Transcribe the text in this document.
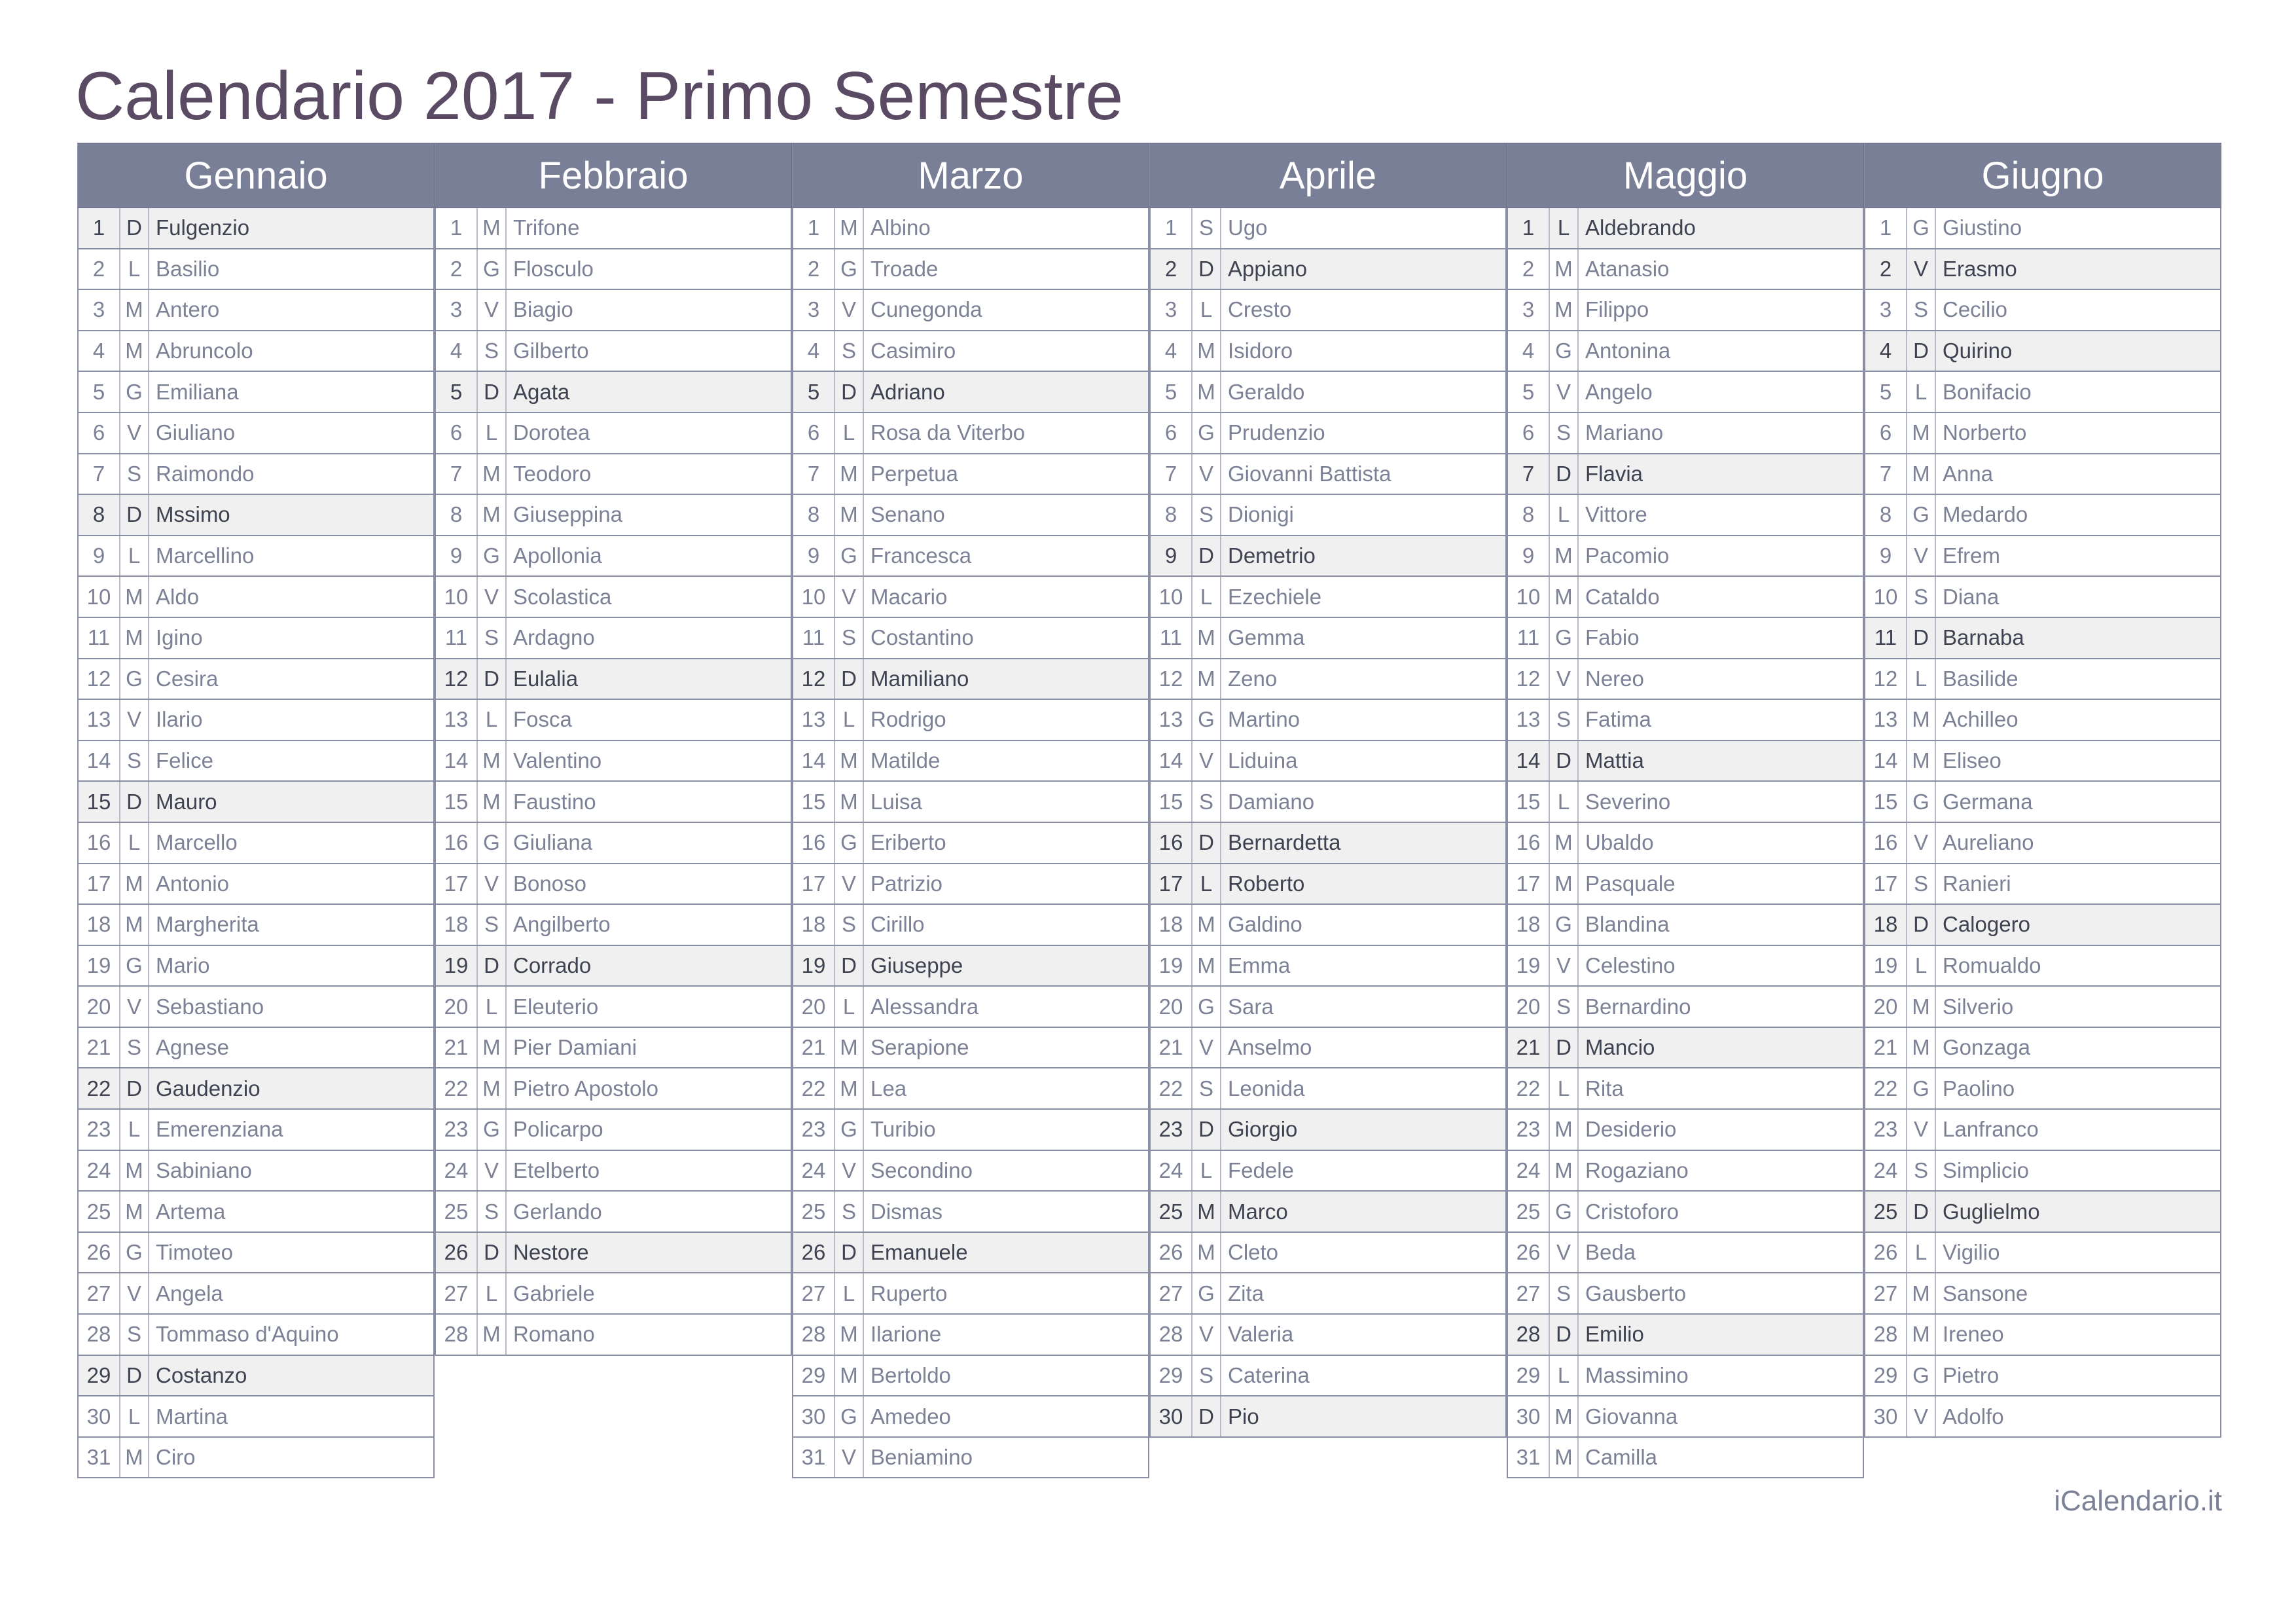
Calendario 2017 - Primo Semestre
Gennaio
1 D Fulgenzio
2	L Basilio
3 M Antero
4 M Abruncolo
5 G Emiliana
6	V Giuliano
7	S Raimondo
8 D Mssimo
9	L Marcellino
10 M Aldo
11 M Igino
12 G Cesira
13 V Ilario
14 S Felice
15 D Mauro
16 L Marcello
17 M Antonio
18 M Margherita
19 G Mario
20 V Sebastiano
21 S Agnese
22 D Gaudenzio
23 L Emerenziana
24 M Sabiniano
25 M Artema
26 G Timoteo
27 V Angela
28 S Tommaso d'Aquino
29 D Costanzo
30 L Martina
31 M Ciro
Febbraio
1 M Trifone
2 G Flosculo
3	V Biagio
4	S Gilberto
5 D Agata
6	L Dorotea
7 M Teodoro
8 M Giuseppina
9 G Apollonia
10 V Scolastica
11 S Ardagno
12 D Eulalia
13 L Fosca
14 M Valentino
15 M Faustino
16 G Giuliana
17 V Bonoso
18 S Angilberto
19 D Corrado
20 L Eleuterio
21 M Pier Damiani
22 M Pietro Apostolo
23 G Policarpo
24 V Etelberto
25 S Gerlando
26 D Nestore
27 L Gabriele
28 M Romano
Marzo
1 M Albino
2 G Troade
3	V Cunegonda
4	S Casimiro
5 D Adriano
6	L Rosa da Viterbo
7 M Perpetua
8 M Senano
9 G Francesca
10 V Macario
11 S Costantino
12 D Mamiliano
13 L Rodrigo
14 M Matilde
15 M Luisa
16 G Eriberto
17 V Patrizio
18 S Cirillo
19 D Giuseppe
20 L Alessandra
21 M Serapione
22 M Lea
23 G Turibio
24 V Secondino
25 S Dismas
26 D Emanuele
27 L Ruperto
28 M Ilarione
29 M Bertoldo
30 G Amedeo
31 V Beniamino
Aprile
1	S Ugo
2 D Appiano
3	L Cresto
4 M Isidoro
5 M Geraldo
6 G Prudenzio
7	V Giovanni Battista
8	S Dionigi
9 D Demetrio
10 L Ezechiele
11 M Gemma
12 M Zeno
13 G Martino
14 V Liduina
15 S Damiano
16 D Bernardetta
17 L Roberto
18 M Galdino
19 M Emma
20 G Sara
21 V Anselmo
22 S Leonida
23 D Giorgio
24 L Fedele
25 M Marco
26 M Cleto
27 G Zita
28 V Valeria
29 S Caterina
30 D Pio
Maggio
1	L Aldebrando
2 M Atanasio
3 M Filippo
4 G Antonina
5	V Angelo
6	S Mariano
7 D Flavia
8	L Vittore
9 M Pacomio
10 M Cataldo
11 G Fabio
12 V Nereo
13 S Fatima
14 D Mattia
15 L Severino
16 M Ubaldo
17 M Pasquale
18 G Blandina
19 V Celestino
20 S Bernardino
21 D Mancio
22 L Rita
23 M Desiderio
24 M Rogaziano
25 G Cristoforo
26 V Beda
27 S Gausberto
28 D Emilio
29 L Massimino
30 M Giovanna
31 M Camilla
Giugno
1 G Giustino
2	V Erasmo
3	S Cecilio
4 D Quirino
5	L Bonifacio
6 M Norberto
7 M Anna
8 G Medardo
9	V Efrem
10 S Diana
11 D Barnaba
12 L Basilide
13 M Achilleo
14 M Eliseo
15 G Germana
16 V Aureliano
17 S Ranieri
18 D Calogero
19 L Romualdo
20 M Silverio
21 M Gonzaga
22 G Paolino
23 V Lanfranco
24 S Simplicio
25 D Guglielmo
26 L Vigilio
27 M Sansone
28 M Ireneo
29 G Pietro
30 V Adolfo
iCalendario.it
